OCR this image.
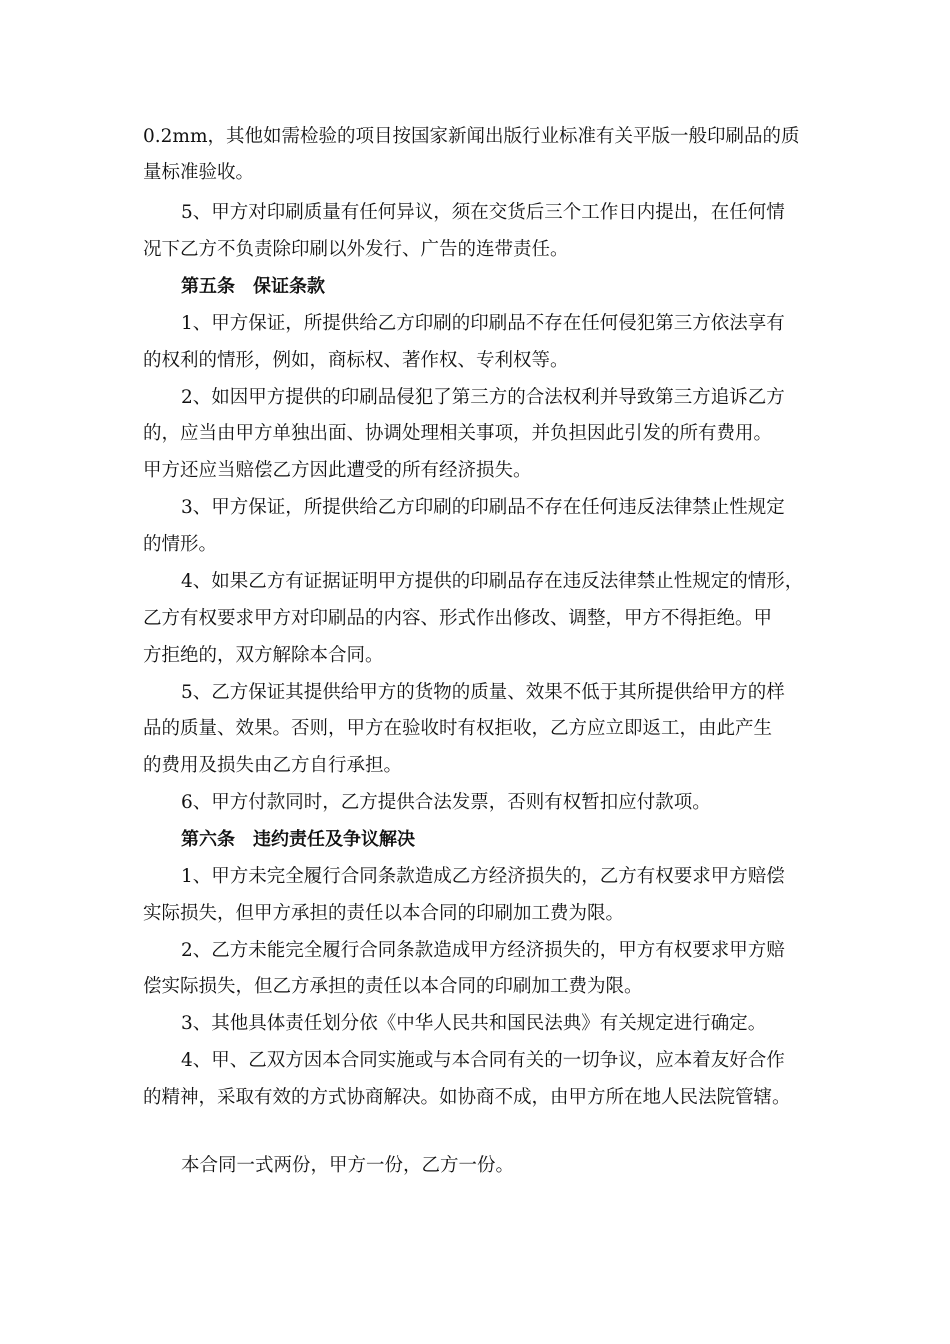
0.2mm，其他如需检验的项目按国家新闻出版行业标准有关平版一般印刷品的质
量标准验收。
5、甲方对印刷质量有任何异议，须在交货后三个工作日内提出，在任何情
况下乙方不负责除印刷以外发行、广告的连带责任。
第五条　保证条款
1、甲方保证，所提供给乙方印刷的印刷品不存在任何侵犯第三方依法享有
的权利的情形，例如，商标权、著作权、专利权等。
2、如因甲方提供的印刷品侵犯了第三方的合法权利并导致第三方追诉乙方
的，应当由甲方单独出面、协调处理相关事项，并负担因此引发的所有费用。
甲方还应当赔偿乙方因此遭受的所有经济损失。
3、甲方保证，所提供给乙方印刷的印刷品不存在任何违反法律禁止性规定
的情形。
4、如果乙方有证据证明甲方提供的印刷品存在违反法律禁止性规定的情形，
乙方有权要求甲方对印刷品的内容、形式作出修改、调整，甲方不得拒绝。甲
方拒绝的，双方解除本合同。
5、乙方保证其提供给甲方的货物的质量、效果不低于其所提供给甲方的样
品的质量、效果。否则，甲方在验收时有权拒收，乙方应立即返工，由此产生
的费用及损失由乙方自行承担。
6、甲方付款同时，乙方提供合法发票，否则有权暂扣应付款项。
第六条　违约责任及争议解决
1、甲方未完全履行合同条款造成乙方经济损失的，乙方有权要求甲方赔偿
实际损失，但甲方承担的责任以本合同的印刷加工费为限。
2、乙方未能完全履行合同条款造成甲方经济损失的，甲方有权要求甲方赔
偿实际损失，但乙方承担的责任以本合同的印刷加工费为限。
3、其他具体责任划分依《中华人民共和国民法典》有关规定进行确定。
4、甲、乙双方因本合同实施或与本合同有关的一切争议，应本着友好合作
的精神，采取有效的方式协商解决。如协商不成，由甲方所在地人民法院管辖。
本合同一式两份，甲方一份，乙方一份。
